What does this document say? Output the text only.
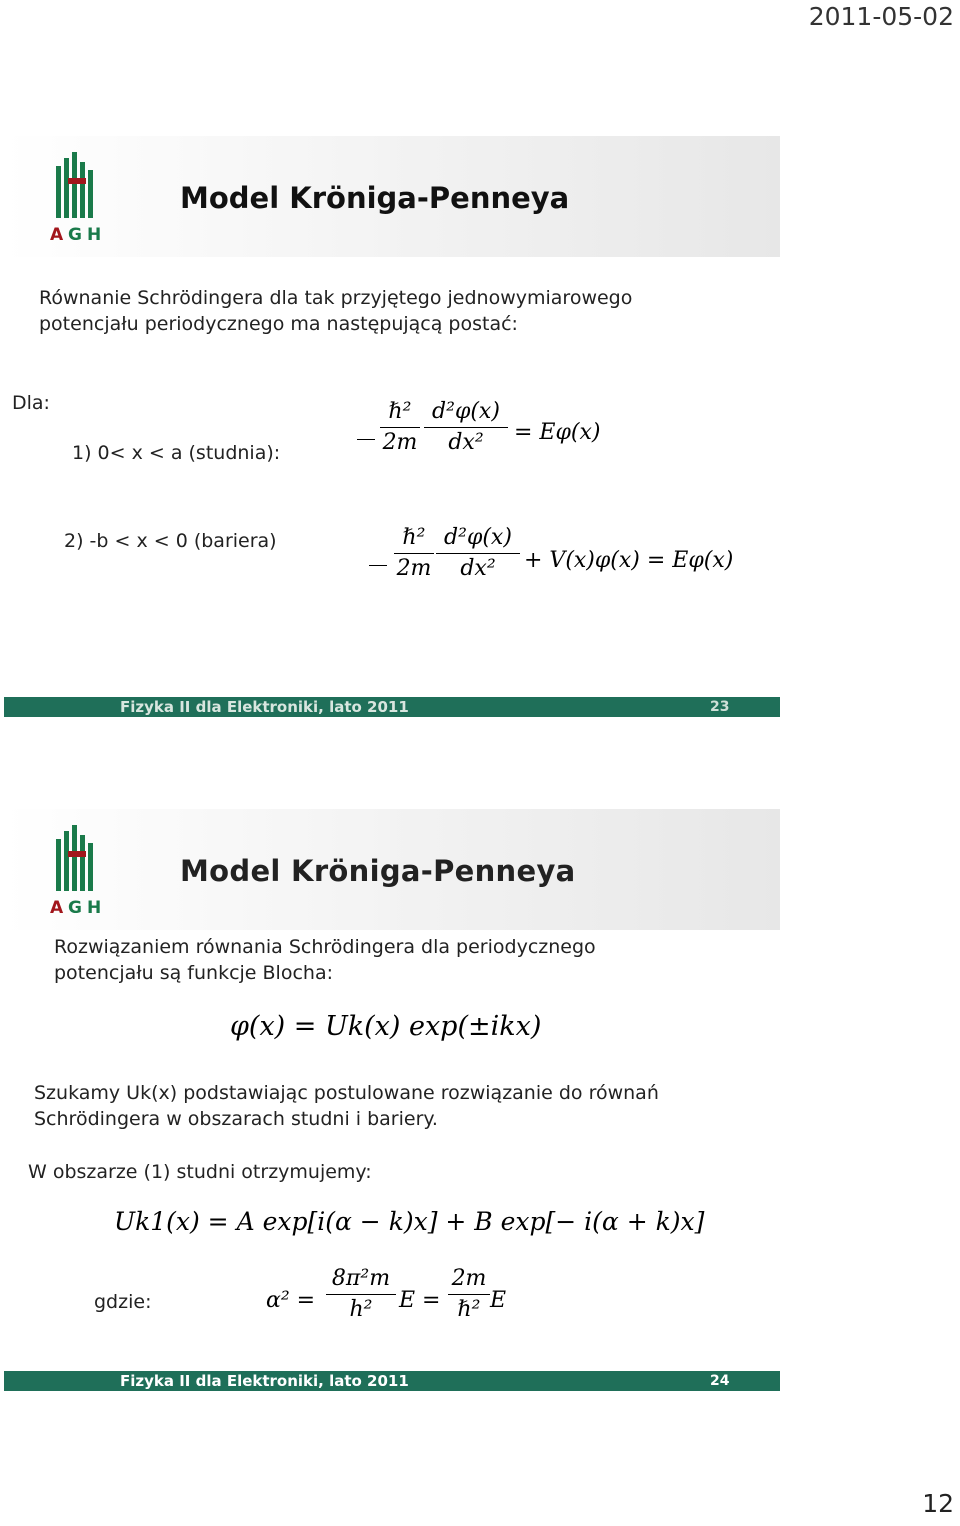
2011-05-02
A G H
Model Kröniga-Penneya
Równanie Schrödingera dla tak przyjętego jednowymiarowego
potencjału periodycznego ma następującą postać:
Dla:
1) 0< x < a (studnia):
ℏ²
2m
d²φ(x)
dx²	= Eφ(x)
2) -b < x < 0 (bariera)	ℏ²
2m
d²φ(x)
dx²	+ V(x)φ(x) = Eφ(x)
Fizyka II dla Elektroniki, lato 2011	23
A G H
Model Kröniga-Penneya
Rozwiązaniem równania Schrödingera dla periodycznego
potencjału są funkcje Blocha:
φ(x) = Uk(x) exp(±ikx)
Szukamy Uk(x) podstawiając postulowane rozwiązanie do równań
Schrödingera w obszarach studni i bariery.
W obszarze (1) studni otrzymujemy:
Uk1(x) = A exp[i(α − k)x] + B exp[− i(α + k)x]
gdzie:	α² =
8π²m
h²	E =
2m
ℏ² E
Fizyka II dla Elektroniki, lato 2011	24
12
